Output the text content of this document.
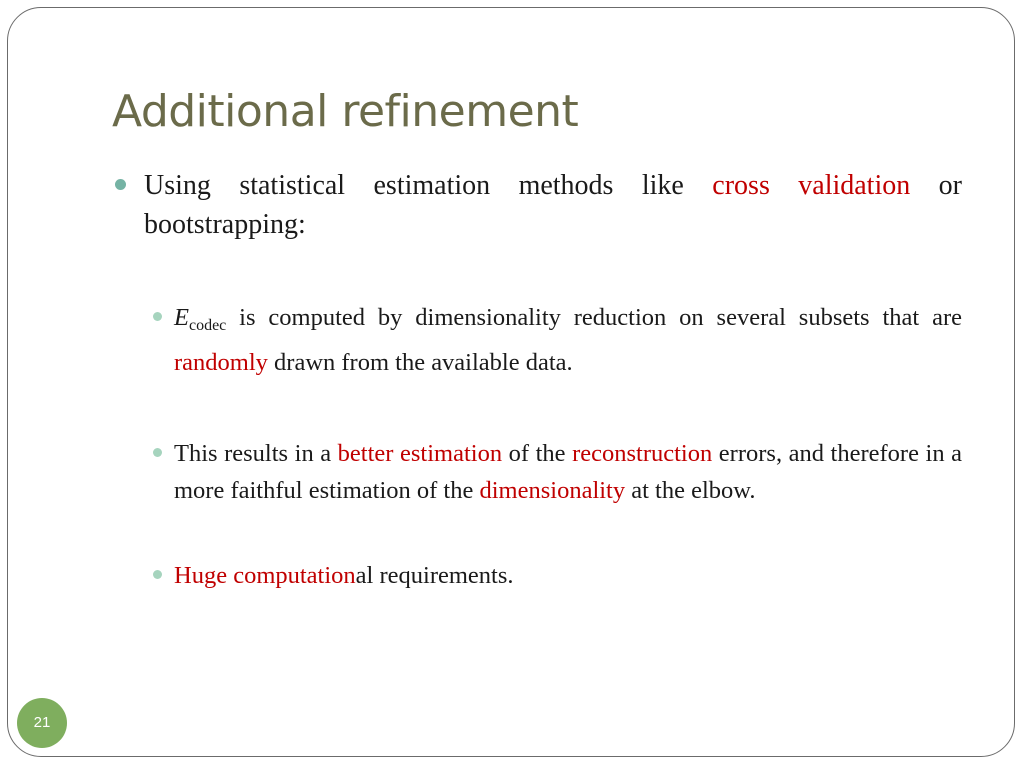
Additional refinement
Using statistical estimation methods like cross validation or bootstrapping:
$E_{codec}$ is computed by dimensionality reduction on several subsets that are randomly drawn from the available data.
This results in a better estimation of the reconstruction errors, and therefore in a more faithful estimation of the dimensionality at the elbow.
Huge computational requirements.
21
